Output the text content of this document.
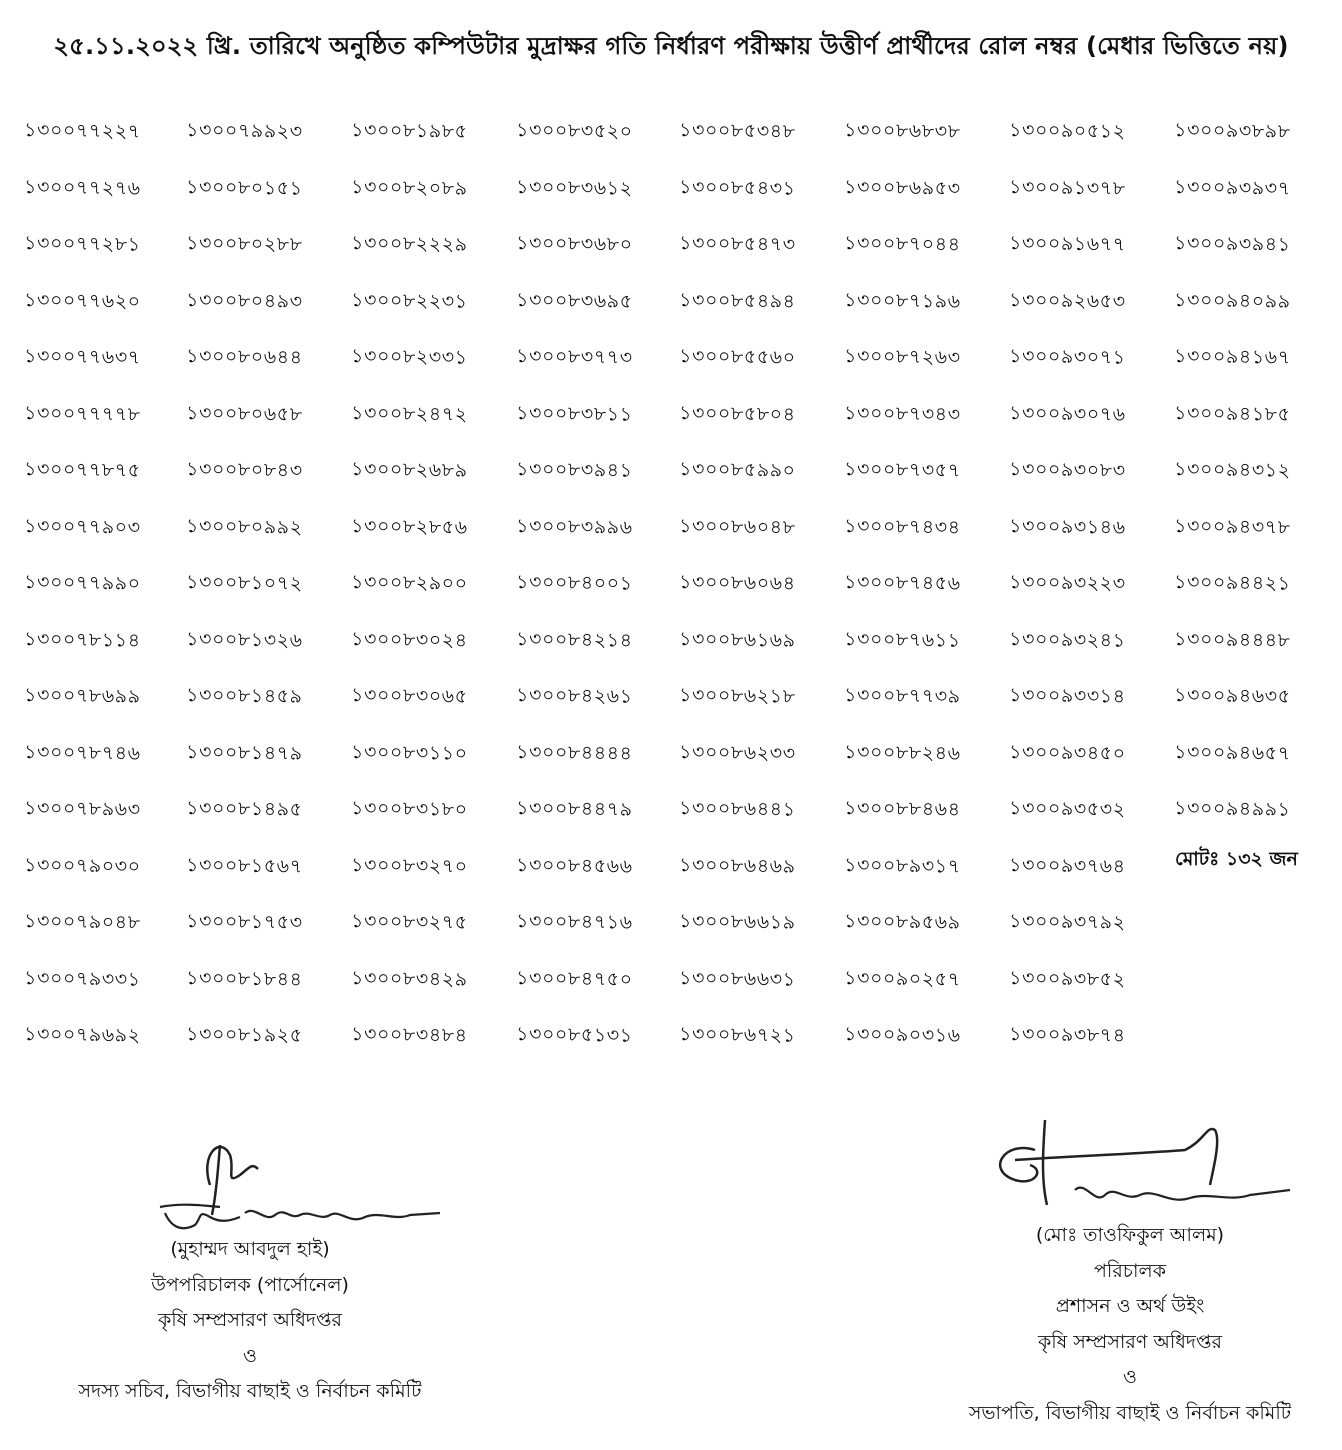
২৫.১১.২০২২ খ্রি. তারিখে অনুষ্ঠিত কম্পিউটার মুদ্রাক্ষর গতি নির্ধারণ পরীক্ষায় উত্তীর্ণ প্রার্থীদের রোল নম্বর (মেধার ভিত্তিতে নয়)
১৩০০৭৭২২৭
১৩০০৭৭২৭৬
১৩০০৭৭২৮১
১৩০০৭৭৬২০
১৩০০৭৭৬৩৭
১৩০০৭৭৭৭৮
১৩০০৭৭৮৭৫
১৩০০৭৭৯০৩
১৩০০৭৭৯৯০
১৩০০৭৮১১৪
১৩০০৭৮৬৯৯
১৩০০৭৮৭৪৬
১৩০০৭৮৯৬৩
১৩০০৭৯০৩০
১৩০০৭৯০৪৮
১৩০০৭৯৩৩১
১৩০০৭৯৬৯২
১৩০০৭৯৯২৩
১৩০০৮০১৫১
১৩০০৮০২৮৮
১৩০০৮০৪৯৩
১৩০০৮০৬৪৪
১৩০০৮০৬৫৮
১৩০০৮০৮৪৩
১৩০০৮০৯৯২
১৩০০৮১০৭২
১৩০০৮১৩২৬
১৩০০৮১৪৫৯
১৩০০৮১৪৭৯
১৩০০৮১৪৯৫
১৩০০৮১৫৬৭
১৩০০৮১৭৫৩
১৩০০৮১৮৪৪
১৩০০৮১৯২৫
১৩০০৮১৯৮৫
১৩০০৮২০৮৯
১৩০০৮২২২৯
১৩০০৮২২৩১
১৩০০৮২৩৩১
১৩০০৮২৪৭২
১৩০০৮২৬৮৯
১৩০০৮২৮৫৬
১৩০০৮২৯০০
১৩০০৮৩০২৪
১৩০০৮৩০৬৫
১৩০০৮৩১১০
১৩০০৮৩১৮০
১৩০০৮৩২৭০
১৩০০৮৩২৭৫
১৩০০৮৩৪২৯
১৩০০৮৩৪৮৪
১৩০০৮৩৫২০
১৩০০৮৩৬১২
১৩০০৮৩৬৮০
১৩০০৮৩৬৯৫
১৩০০৮৩৭৭৩
১৩০০৮৩৮১১
১৩০০৮৩৯৪১
১৩০০৮৩৯৯৬
১৩০০৮৪০০১
১৩০০৮৪২১৪
১৩০০৮৪২৬১
১৩০০৮৪৪৪৪
১৩০০৮৪৪৭৯
১৩০০৮৪৫৬৬
১৩০০৮৪৭১৬
১৩০০৮৪৭৫০
১৩০০৮৫১৩১
১৩০০৮৫৩৪৮
১৩০০৮৫৪৩১
১৩০০৮৫৪৭৩
১৩০০৮৫৪৯৪
১৩০০৮৫৫৬০
১৩০০৮৫৮০৪
১৩০০৮৫৯৯০
১৩০০৮৬০৪৮
১৩০০৮৬০৬৪
১৩০০৮৬১৬৯
১৩০০৮৬২১৮
১৩০০৮৬২৩৩
১৩০০৮৬৪৪১
১৩০০৮৬৪৬৯
১৩০০৮৬৬১৯
১৩০০৮৬৬৩১
১৩০০৮৬৭২১
১৩০০৮৬৮৩৮
১৩০০৮৬৯৫৩
১৩০০৮৭০৪৪
১৩০০৮৭১৯৬
১৩০০৮৭২৬৩
১৩০০৮৭৩৪৩
১৩০০৮৭৩৫৭
১৩০০৮৭৪৩৪
১৩০০৮৭৪৫৬
১৩০০৮৭৬১১
১৩০০৮৭৭৩৯
১৩০০৮৮২৪৬
১৩০০৮৮৪৬৪
১৩০০৮৯৩১৭
১৩০০৮৯৫৬৯
১৩০০৯০২৫৭
১৩০০৯০৩১৬
১৩০০৯০৫১২
১৩০০৯১৩৭৮
১৩০০৯১৬৭৭
১৩০০৯২৬৫৩
১৩০০৯৩০৭১
১৩০০৯৩০৭৬
১৩০০৯৩০৮৩
১৩০০৯৩১৪৬
১৩০০৯৩২২৩
১৩০০৯৩২৪১
১৩০০৯৩৩১৪
১৩০০৯৩৪৫০
১৩০০৯৩৫৩২
১৩০০৯৩৭৬৪
১৩০০৯৩৭৯২
১৩০০৯৩৮৫২
১৩০০৯৩৮৭৪
১৩০০৯৩৮৯৮
১৩০০৯৩৯৩৭
১৩০০৯৩৯৪১
১৩০০৯৪০৯৯
১৩০০৯৪১৬৭
১৩০০৯৪১৮৫
১৩০০৯৪৩১২
১৩০০৯৪৩৭৮
১৩০০৯৪৪২১
১৩০০৯৪৪৪৮
১৩০০৯৪৬৩৫
১৩০০৯৪৬৫৭
১৩০০৯৪৯৯১
মোটঃ ১৩২ জন
(মুহাম্মদ আবদুল হাই)
উপপরিচালক (পার্সোনেল)
কৃষি সম্প্রসারণ অধিদপ্তর
ও
সদস্য সচিব, বিভাগীয় বাছাই ও নির্বাচন কমিটি
(মোঃ তাওফিকুল আলম)
পরিচালক
প্রশাসন ও অর্থ উইং
কৃষি সম্প্রসারণ অধিদপ্তর
ও
সভাপতি, বিভাগীয় বাছাই ও নির্বাচন কমিটি
